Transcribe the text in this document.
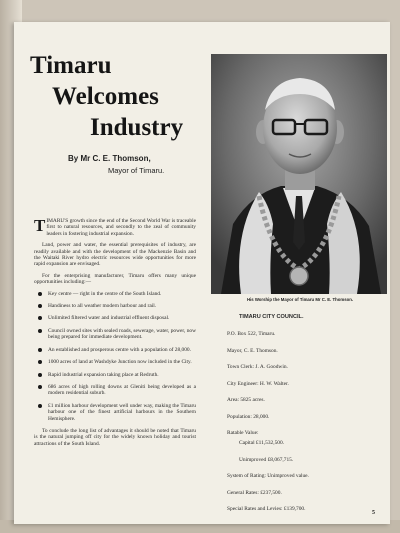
Timaru
Welcomes
Industry
By Mr C. E. Thomson,
Mayor of Timaru.

T IMARU'S growth since the end of the Second World War is traceable first to natural resources, and secondly to the zeal of community leaders in fostering industrial expansion.

Land, power and water, the essential prerequisites of industry, are readily available and with the development of the Mackenzie Basin and the Waitaki River hydro electric resources wide opportunities for more rapid expansion are envisaged.

For the enterprising manufacturer, Timaru offers many unique opportunities including:—

Key centre — right in the centre of the South Island.
Handiness to all weather modern harbour and rail.
Unlimited filtered water and industrial effluent disposal.
Council owned sites with sealed roads, sewerage, water, power, now being prepared for immediate development.
An established and prosperous centre with a population of 28,000.
1000 acres of land at Washdyke Junction now included in the City.
Rapid industrial expansion taking place at Redruth.
686 acres of high rolling downs at Gleniti being developed as a modern residential suburb.
£1 million harbour development well under way, making the Timaru harbour one of the finest artificial harbours in the Southern Hemisphere.

To conclude the long list of advantages it should be noted that Timaru is the natural jumping off city for the widely known holiday and tourist attractions of the South Island.

His Worship the Mayor of Timaru Mr C. E. Thomson.
TIMARU CITY COUNCIL.
P.O. Box 522, Timaru.
Mayor, C. E. Thomson.
Town Clerk: J. A. Goodwin.
City Engineer: H. W. Walter.
Area: 5825 acres.
Population: 28,000.
Ratable Value:
Capital £11,532,500.
Unimproved £8,067,715.
System of Rating: Unimproved value.
General Rates: £237,500.
Special Rates and Levies: £139,700.
5
